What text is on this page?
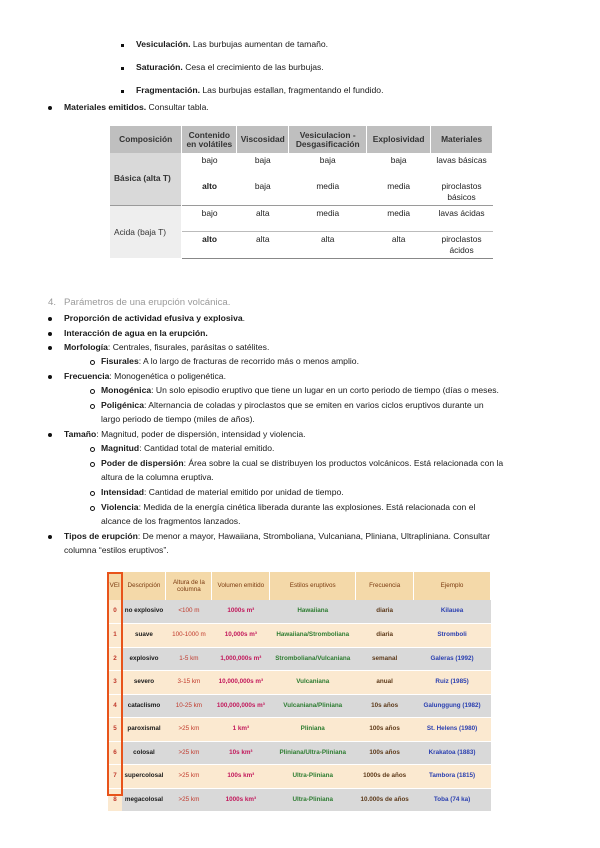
Vesiculación. Las burbujas aumentan de tamaño.
Saturación. Cesa el crecimiento de las burbujas.
Fragmentación. Las burbujas estallan, fragmentando el fundido.
Materiales emitidos. Consultar tabla.
Composición	Contenido en volátiles	Viscosidad	Vesiculacion - Desgasificación	Explosividad	Materiales
Básica (alta T)	bajo	baja	baja	baja	lavas básicas
	alto	baja	media	media	piroclastos básicos
Acida (baja T)	bajo	alta	media	media	lavas ácidas
	alto	alta	alta	alta	piroclastos ácidos
4. Parámetros de una erupción volcánica.
Proporción de actividad efusiva y explosiva.
Interacción de agua en la erupción.
Morfología: Centrales, fisurales, parásitas o satélites.
Fisurales: A lo largo de fracturas de recorrido más o menos amplio.
Frecuencia: Monogenética o poligenética.
Monogénica: Un solo episodio eruptivo que tiene un lugar en un corto periodo de tiempo (días o meses.
Poligénica: Alternancia de coladas y piroclastos que se emiten en varios ciclos eruptivos durante un
largo periodo de tiempo (miles de años).
Tamaño: Magnitud, poder de dispersión, intensidad y violencia.
Magnitud: Cantidad total de material emitido.
Poder de dispersión: Área sobre la cual se distribuyen los productos volcánicos. Está relacionada con la
altura de la columna eruptiva.
Intensidad: Cantidad de material emitido por unidad de tiempo.
Violencia: Medida de la energía cinética liberada durante las explosiones. Está relacionada con el
alcance de los fragmentos lanzados.
Tipos de erupción: De menor a mayor, Hawaiiana, Stromboliana, Vulcaniana, Pliniana, Ultrapliniana. Consultar
columna “estilos eruptivos”.
VEI	Descripción	Altura de la columna	Volumen emitido	Estilos eruptivos	Frecuencia	Ejemplo
0	no explosivo	<100 m	1000s m³	Hawaiiana	diaria	Kilauea
1	suave	100-1000 m	10,000s m³	Hawaiiana/Stromboliana	diaria	Stromboli
2	explosivo	1-5 km	1,000,000s m³	Stromboliana/Vulcaniana	semanal	Galeras (1992)
3	severo	3-15 km	10,000,000s m³	Vulcaniana	anual	Ruiz (1985)
4	cataclismo	10-25 km	100,000,000s m³	Vulcaniana/Pliniana	10s años	Galunggung (1982)
5	paroxismal	>25 km	1 km³	Pliniana	100s años	St. Helens (1980)
6	colosal	>25 km	10s km³	Pliniana/Ultra-Pliniana	100s años	Krakatoa (1883)
7	supercolosal	>25 km	100s km³	Ultra-Pliniana	1000s de años	Tambora (1815)
8	megacolosal	>25 km	1000s km³	Ultra-Pliniana	10.000s de años	Toba (74 ka)
